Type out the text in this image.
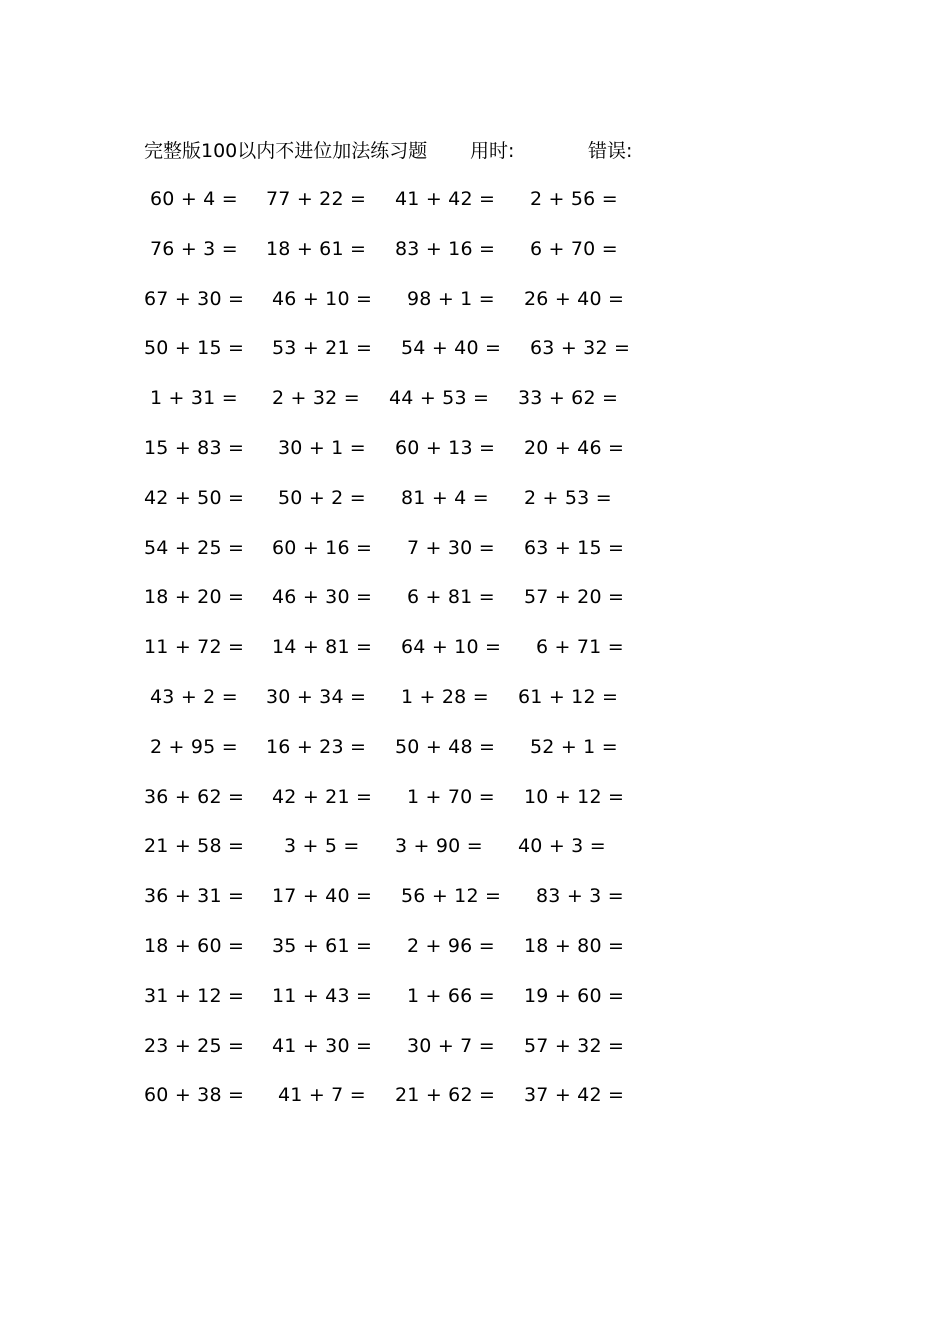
完整版100以内不进位加法练习题 用时:	错误:
60 + 4 = 77 + 22 = 41 + 42 = 2 + 56 =
76 + 3 = 18 + 61 = 83 + 16 = 6 + 70 =
67 + 30 = 46 + 10 = 98 + 1 = 26 + 40 =
50 + 15 = 53 + 21 = 54 + 40 = 63 + 32 =
1 + 31 = 2 + 32 = 44 + 53 = 33 + 62 =
15 + 83 = 30 + 1 = 60 + 13 = 20 + 46 =
42 + 50 = 50 + 2 = 81 + 4 = 2 + 53 =
54 + 25 = 60 + 16 = 7 + 30 = 63 + 15 =
18 + 20 = 46 + 30 = 6 + 81 = 57 + 20 =
11 + 72 = 14 + 81 = 64 + 10 = 6 + 71 =
43 + 2 = 30 + 34 = 1 + 28 = 61 + 12 =
2 + 95 = 16 + 23 = 50 + 48 = 52 + 1 =
36 + 62 = 42 + 21 = 1 + 70 = 10 + 12 =
21 + 58 = 3 + 5 = 3 + 90 = 40 + 3 =
36 + 31 = 17 + 40 = 56 + 12 = 83 + 3 =
18 + 60 = 35 + 61 = 2 + 96 = 18 + 80 =
31 + 12 = 11 + 43 = 1 + 66 = 19 + 60 =
23 + 25 = 41 + 30 = 30 + 7 = 57 + 32 =
60 + 38 = 41 + 7 = 21 + 62 = 37 + 42 =
